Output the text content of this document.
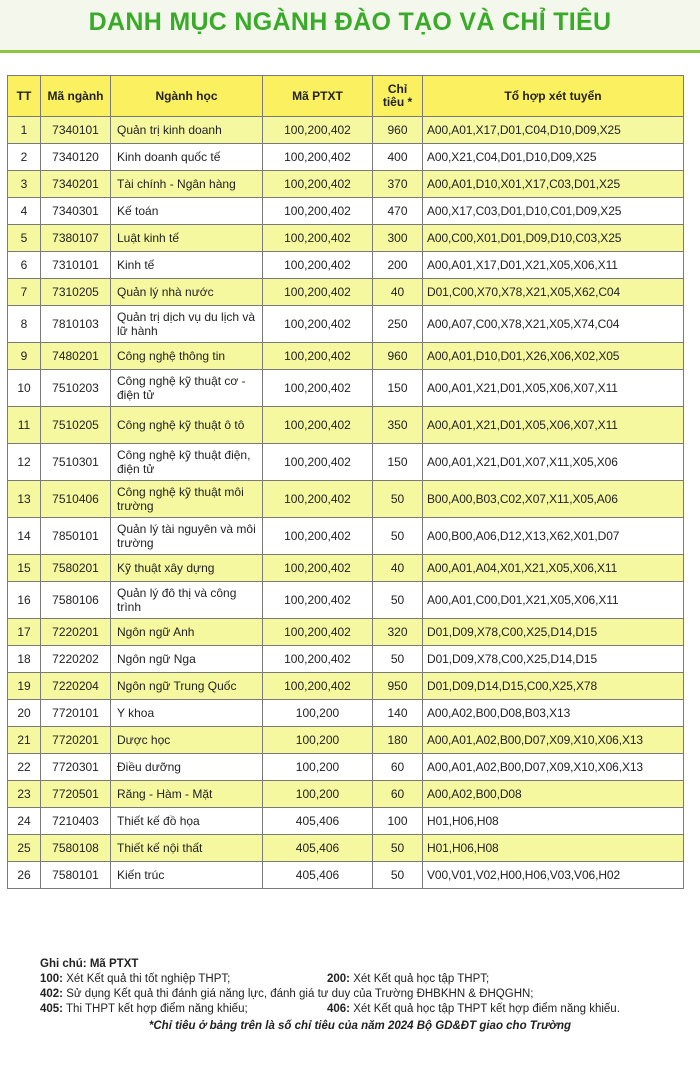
DANH MỤC NGÀNH ĐÀO TẠO VÀ CHỈ TIÊU
TT	Mã ngành	Ngành học	Mã PTXT	Chỉ tiêu *	Tổ hợp xét tuyển
1	7340101	Quản trị kinh doanh	100,200,402	960	A00,A01,X17,D01,C04,D10,D09,X25
2	7340120	Kinh doanh quốc tế	100,200,402	400	A00,X21,C04,D01,D10,D09,X25
3	7340201	Tài chính - Ngân hàng	100,200,402	370	A00,A01,D10,X01,X17,C03,D01,X25
4	7340301	Kế toán	100,200,402	470	A00,X17,C03,D01,D10,C01,D09,X25
5	7380107	Luật kinh tế	100,200,402	300	A00,C00,X01,D01,D09,D10,C03,X25
6	7310101	Kinh tế	100,200,402	200	A00,A01,X17,D01,X21,X05,X06,X11
7	7310205	Quản lý nhà nước	100,200,402	40	D01,C00,X70,X78,X21,X05,X62,C04
8	7810103	Quản trị dịch vụ du lịch và lữ hành	100,200,402	250	A00,A07,C00,X78,X21,X05,X74,C04
9	7480201	Công nghệ thông tin	100,200,402	960	A00,A01,D10,D01,X26,X06,X02,X05
10	7510203	Công nghệ kỹ thuật cơ - điện tử	100,200,402	150	A00,A01,X21,D01,X05,X06,X07,X11
11	7510205	Công nghệ kỹ thuật ô tô	100,200,402	350	A00,A01,X21,D01,X05,X06,X07,X11
12	7510301	Công nghệ kỹ thuật điện, điện tử	100,200,402	150	A00,A01,X21,D01,X07,X11,X05,X06
13	7510406	Công nghệ kỹ thuật môi trường	100,200,402	50	B00,A00,B03,C02,X07,X11,X05,A06
14	7850101	Quản lý tài nguyên và môi trường	100,200,402	50	A00,B00,A06,D12,X13,X62,X01,D07
15	7580201	Kỹ thuật xây dựng	100,200,402	40	A00,A01,A04,X01,X21,X05,X06,X11
16	7580106	Quản lý đô thị và công trình	100,200,402	50	A00,A01,C00,D01,X21,X05,X06,X11
17	7220201	Ngôn ngữ Anh	100,200,402	320	D01,D09,X78,C00,X25,D14,D15
18	7220202	Ngôn ngữ Nga	100,200,402	50	D01,D09,X78,C00,X25,D14,D15
19	7220204	Ngôn ngữ Trung Quốc	100,200,402	950	D01,D09,D14,D15,C00,X25,X78
20	7720101	Y khoa	100,200	140	A00,A02,B00,D08,B03,X13
21	7720201	Dược học	100,200	180	A00,A01,A02,B00,D07,X09,X10,X06,X13
22	7720301	Điều dưỡng	100,200	60	A00,A01,A02,B00,D07,X09,X10,X06,X13
23	7720501	Răng - Hàm - Mặt	100,200	60	A00,A02,B00,D08
24	7210403	Thiết kế đồ họa	405,406	100	H01,H06,H08
25	7580108	Thiết kế nội thất	405,406	50	H01,H06,H08
26	7580101	Kiến trúc	405,406	50	V00,V01,V02,H00,H06,V03,V06,H02
Ghi chú: Mã PTXT
100: Xét Kết quả thi tốt nghiệp THPT;	200: Xét Kết quả học tập THPT;
402: Sử dụng Kết quả thi đánh giá năng lực, đánh giá tư duy của Trường ĐHBKHN & ĐHQGHN;
405: Thi THPT kết hợp điểm năng khiếu;	406: Xét Kết quả học tập THPT kết hợp điểm năng khiếu.
*Chỉ tiêu ở bảng trên là số chỉ tiêu của năm 2024 Bộ GD&ĐT giao cho Trường
